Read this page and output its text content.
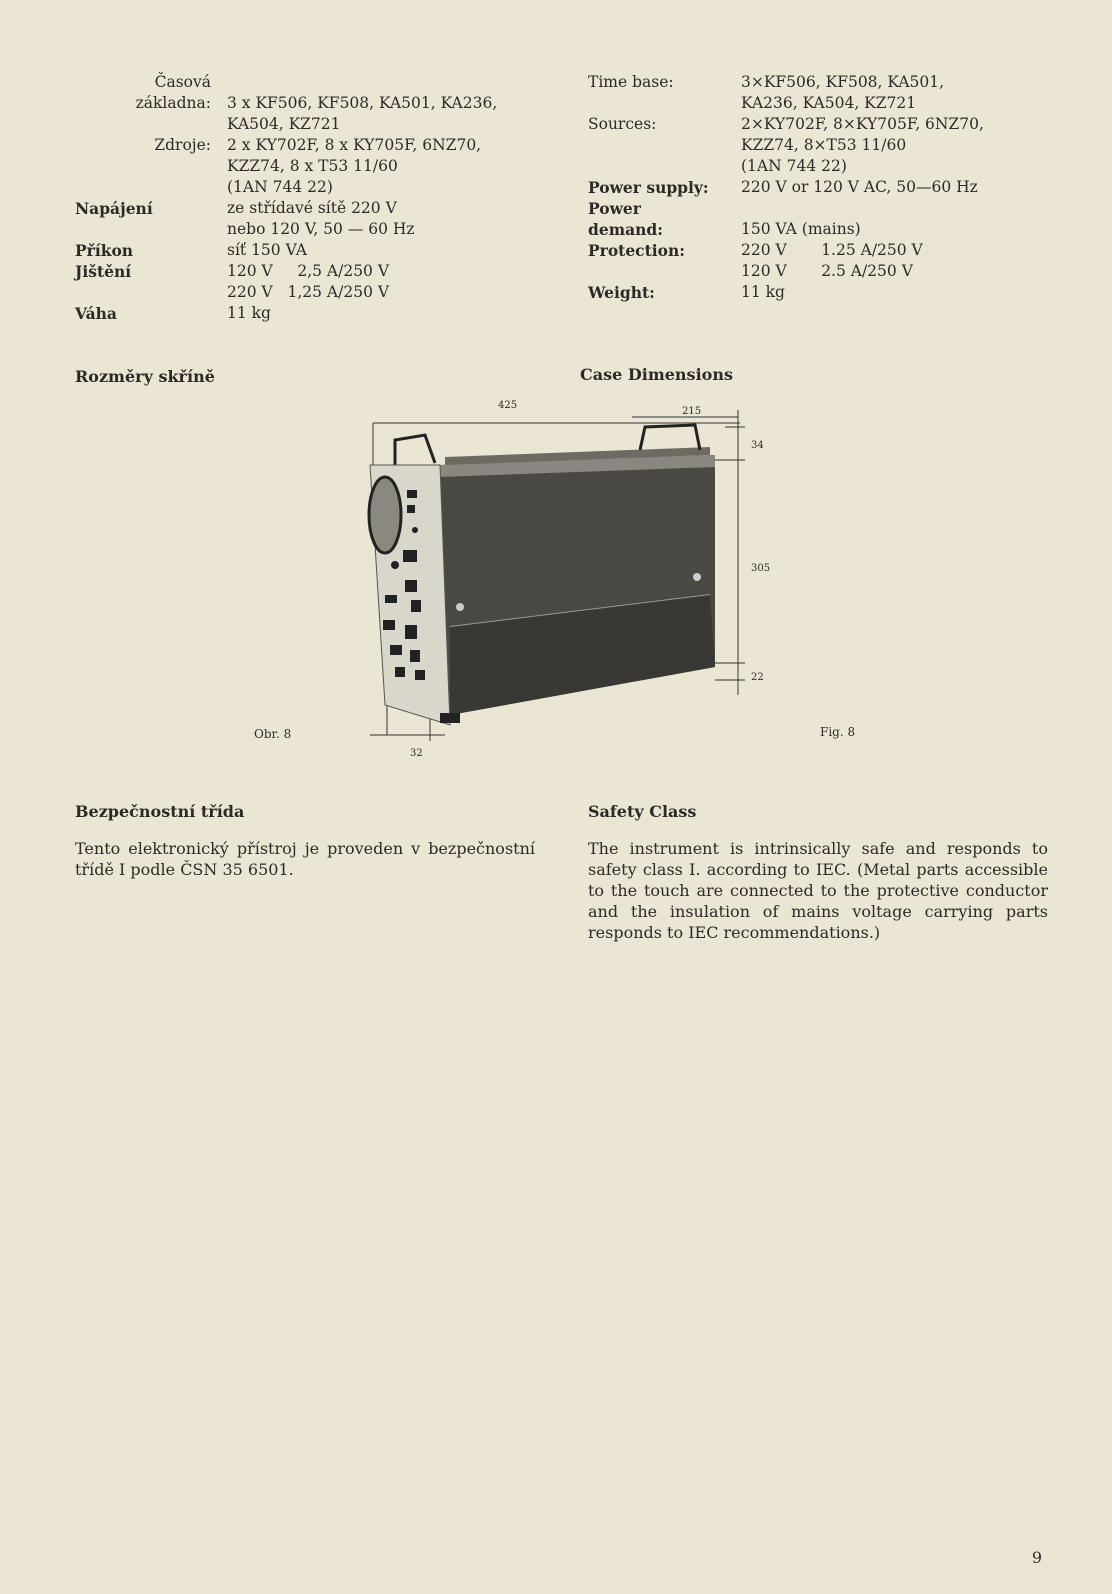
Časová
základna:	3 x KF506, KF508, KA501, KA236,
KA504, KZ721

Zdroje:	2 x KY702F, 8 x KY705F, 6NZ70,
KZZ74, 8 x T53 11/60
(1AN 744 22)

Napájení	ze střídavé sítě 220 V
nebo 120 V, 50 — 60 Hz

Příkon	síť 150 VA

Jištění	120 V     2,5 A/250 V
220 V   1,25 A/250 V

Váha	11 kg
Time base:	3×KF506, KF508, KA501,
KA236, KA504, KZ721

Sources:	2×KY702F, 8×KY705F, 6NZ70,
KZZ74, 8×T53 11/60
(1AN 744 22)

Power supply:	220 V or 120 V AC, 50—60 Hz

Power
demand:	150 VA (mains)

Protection:	220 V       1.25 A/250 V
120 V       2.5 A/250 V

Weight:	11 kg
Rozměry skříně	Case Dimensions
425
215
34
305
22
32
Obr. 8	Fig. 8
Bezpečnostní třída	Safety Class
Tento elektronický přístroj je proveden v bezpečnostní třídě I podle ČSN 35 6501.
The instrument is intrinsically safe and responds to safety class I. according to IEC. (Metal parts accessible to the touch are connected to the protective conductor and the insulation of mains voltage carrying parts responds to IEC recommendations.)
9
